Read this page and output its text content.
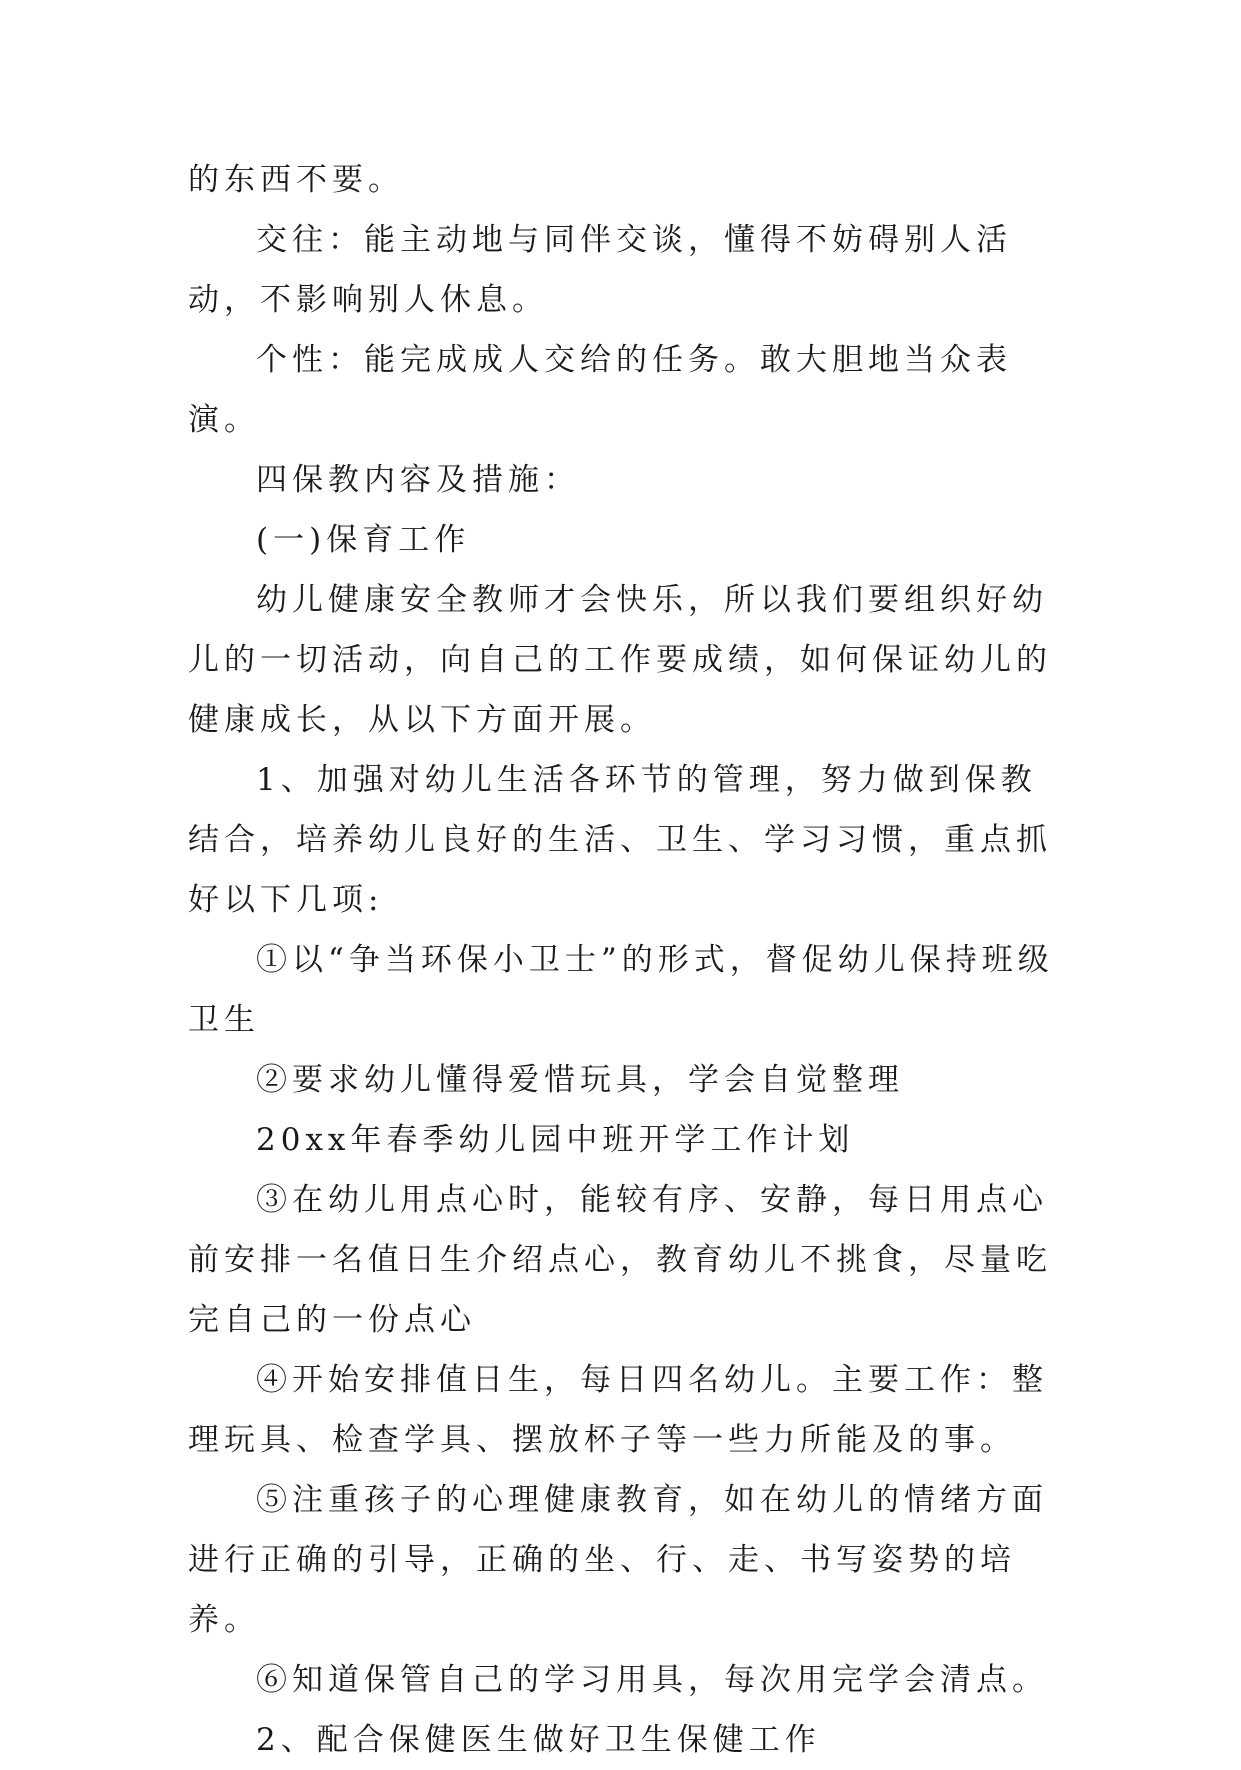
的东西不要。

交往：能主动地与同伴交谈，懂得不妨碍别人活动，不影响别人休息。

个性：能完成成人交给的任务。敢大胆地当众表演。

四保教内容及措施：

(一)保育工作

幼儿健康安全教师才会快乐，所以我们要组织好幼儿的一切活动，向自己的工作要成绩，如何保证幼儿的健康成长，从以下方面开展。

1、加强对幼儿生活各环节的管理，努力做到保教结合，培养幼儿良好的生活、卫生、学习习惯，重点抓好以下几项:

①以“争当环保小卫士”的形式，督促幼儿保持班级卫生

②要求幼儿懂得爱惜玩具，学会自觉整理

20xx年春季幼儿园中班开学工作计划

③在幼儿用点心时，能较有序、安静，每日用点心前安排一名值日生介绍点心，教育幼儿不挑食，尽量吃完自己的一份点心

④开始安排值日生，每日四名幼儿。主要工作：整理玩具、检查学具、摆放杯子等一些力所能及的事。

⑤注重孩子的心理健康教育，如在幼儿的情绪方面进行正确的引导，正确的坐、行、走、书写姿势的培养。

⑥知道保管自己的学习用具，每次用完学会清点。

2、配合保健医生做好卫生保健工作
